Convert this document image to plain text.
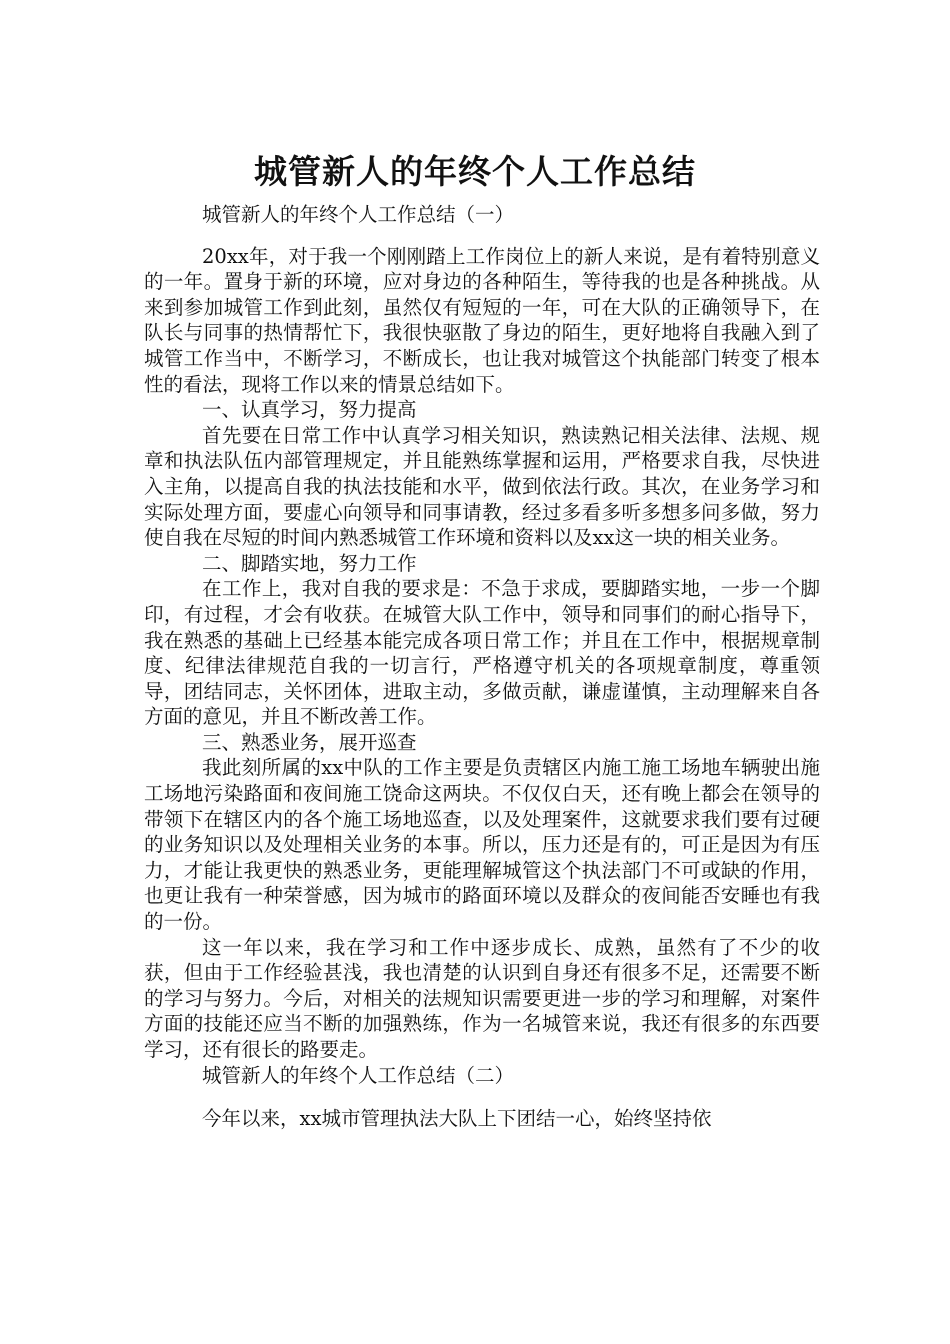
城管新人的年终个人工作总结

城管新人的年终个人工作总结（一）

20xx年，对于我一个刚刚踏上工作岗位上的新人来说，是有着特别意义的一年。置身于新的环境，应对身边的各种陌生，等待我的也是各种挑战。从来到参加城管工作到此刻，虽然仅有短短的一年，可在大队的正确领导下，在队长与同事的热情帮忙下，我很快驱散了身边的陌生，更好地将自我融入到了城管工作当中，不断学习，不断成长，也让我对城管这个执能部门转变了根本性的看法，现将工作以来的情景总结如下。

一、认真学习，努力提高

首先要在日常工作中认真学习相关知识，熟读熟记相关法律、法规、规章和执法队伍内部管理规定，并且能熟练掌握和运用，严格要求自我，尽快进入主角，以提高自我的执法技能和水平，做到依法行政。其次，在业务学习和实际处理方面，要虚心向领导和同事请教，经过多看多听多想多问多做，努力使自我在尽短的时间内熟悉城管工作环境和资料以及xx这一块的相关业务。

二、脚踏实地，努力工作

在工作上，我对自我的要求是：不急于求成，要脚踏实地，一步一个脚印，有过程，才会有收获。在城管大队工作中，领导和同事们的耐心指导下，我在熟悉的基础上已经基本能完成各项日常工作；并且在工作中，根据规章制度、纪律法律规范自我的一切言行，严格遵守机关的各项规章制度，尊重领导，团结同志，关怀团体，进取主动，多做贡献，谦虚谨慎，主动理解来自各方面的意见，并且不断改善工作。

三、熟悉业务，展开巡查

我此刻所属的xx中队的工作主要是负责辖区内施工施工场地车辆驶出施工场地污染路面和夜间施工饶命这两块。不仅仅白天，还有晚上都会在领导的带领下在辖区内的各个施工场地巡查，以及处理案件，这就要求我们要有过硬的业务知识以及处理相关业务的本事。所以，压力还是有的，可正是因为有压力，才能让我更快的熟悉业务，更能理解城管这个执法部门不可或缺的作用，也更让我有一种荣誉感，因为城市的路面环境以及群众的夜间能否安睡也有我的一份。

这一年以来，我在学习和工作中逐步成长、成熟，虽然有了不少的收获，但由于工作经验甚浅，我也清楚的认识到自身还有很多不足，还需要不断的学习与努力。今后，对相关的法规知识需要更进一步的学习和理解，对案件方面的技能还应当不断的加强熟练，作为一名城管来说，我还有很多的东西要学习，还有很长的路要走。

城管新人的年终个人工作总结（二）

今年以来，xx城市管理执法大队上下团结一心，始终坚持依
